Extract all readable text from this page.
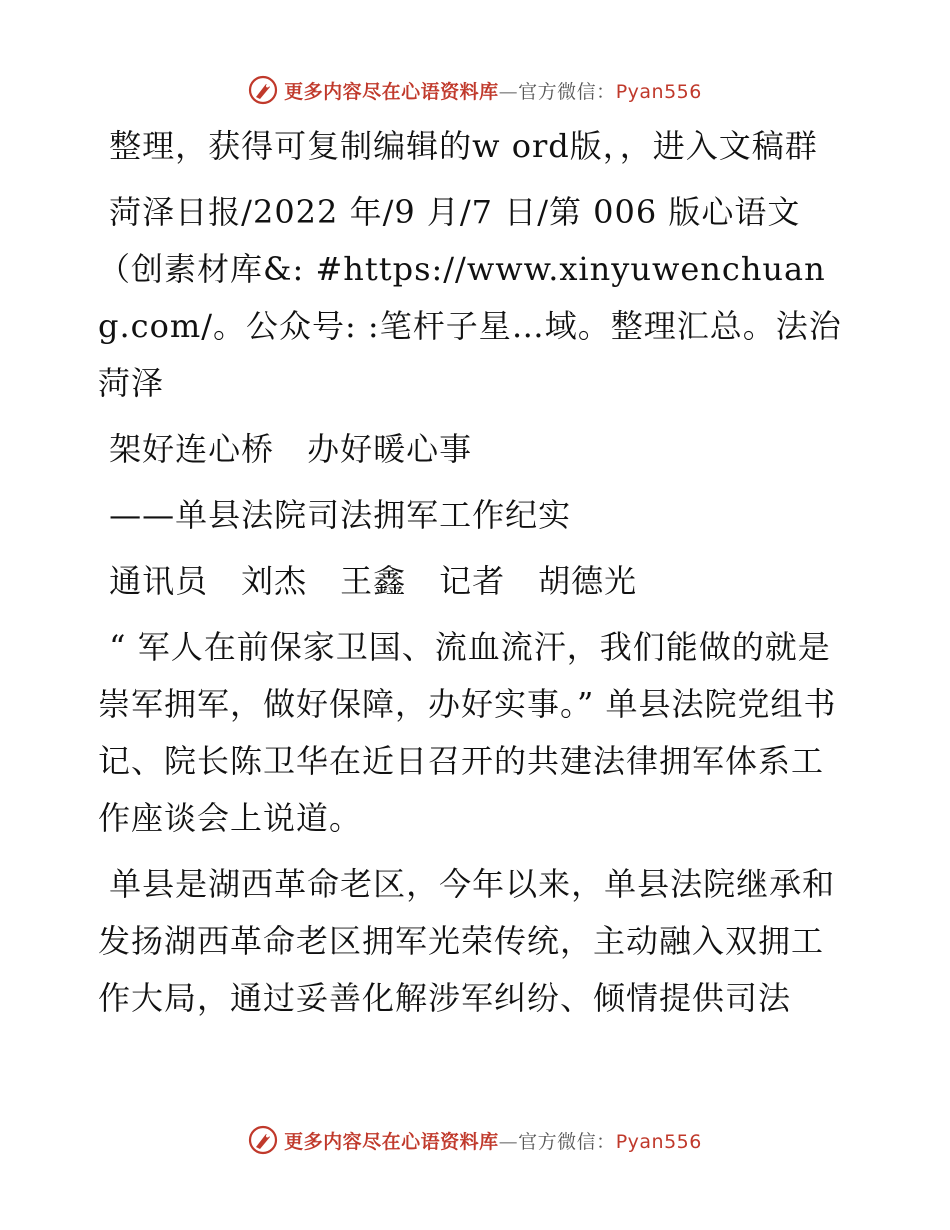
更多内容尽在心语资料库—官方微信：Pyan556

整理，获得可复制编辑的w ord版，，进入文稿群

菏泽日报/2022 年/9 月/7 日/第 006 版心语文（创素材库&: #https://www.xinyuwenchuang.com/。公众号: :笔杆子星…域。整理汇总。法治菏泽

架好连心桥　办好暖心事

——单县法院司法拥军工作纪实

通讯员　刘杰　王鑫　记者　胡德光

“ 军人在前保家卫国、流血流汗，我们能做的就是崇军拥军，做好保障，办好实事。” 单县法院党组书记、院长陈卫华在近日召开的共建法律拥军体系工作座谈会上说道。

单县是湖西革命老区，今年以来，单县法院继承和发扬湖西革命老区拥军光荣传统，主动融入双拥工作大局，通过妥善化解涉军纠纷、倾情提供司法

更多内容尽在心语资料库—官方微信：Pyan556
